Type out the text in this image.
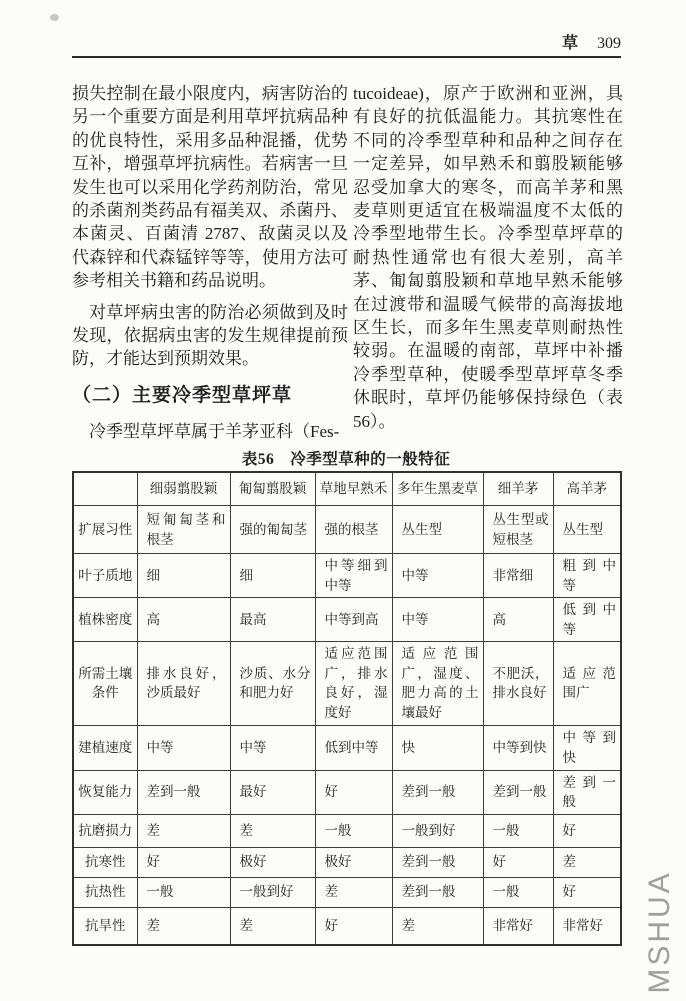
草 309

损失控制在最小限度内，病害防治的另一个重要方面是利用草坪抗病品种的优良特性，采用多品种混播，优势互补，增强草坪抗病性。若病害一旦发生也可以采用化学药剂防治，常见的杀菌剂类药品有福美双、杀菌丹、本菌灵、百菌清 2787、敌菌灵以及代森锌和代森锰锌等等，使用方法可参考相关书籍和药品说明。

对草坪病虫害的防治必须做到及时发现，依据病虫害的发生规律提前预防，才能达到预期效果。

（二）主要冷季型草坪草

冷季型草坪草属于羊茅亚科（Fes-

tucoideae)，原产于欧洲和亚洲，具有良好的抗低温能力。其抗寒性在不同的冷季型草种和品种之间存在一定差异，如早熟禾和翦股颖能够忍受加拿大的寒冬，而高羊茅和黑麦草则更适宜在极端温度不太低的冷季型地带生长。冷季型草坪草的耐热性通常也有很大差别，高羊茅、匍匐翦股颖和草地早熟禾能够在过渡带和温暖气候带的高海拔地区生长，而多年生黑麦草则耐热性较弱。在温暖的南部，草坪中补播冷季型草种，使暖季型草坪草冬季休眠时，草坪仍能够保持绿色（表 56）。

表56　冷季型草种的一般特征
	细弱翦股颖	匍匐翦股颖	草地早熟禾	多年生黑麦草	细羊茅	高羊茅
扩展习性	短匍匐茎和根茎	强的匍匐茎	强的根茎	丛生型	丛生型或短根茎	丛生型
叶子质地	细	细	中等细到中等	中等	非常细	粗到中等
植株密度	高	最高	中等到高	中等	高	低到中等
所需土壤条件	排水良好，沙质最好	沙质、水分和肥力好	适应范围广，排水良好，湿度好	适应范围广，湿度、肥力高的土壤最好	不肥沃，排水良好	适应范围广
建植速度	中等	中等	低到中等	快	中等到快	中等到快
恢复能力	差到一般	最好	好	差到一般	差到一般	差到一般
抗磨损力	差	差	一般	一般到好	一般	好
抗寒性	好	极好	极好	差到一般	好	差
抗热性	一般	一般到好	差	差到一般	一般	好
抗旱性	差	差	好	差	非常好	非常好 MSHUA
